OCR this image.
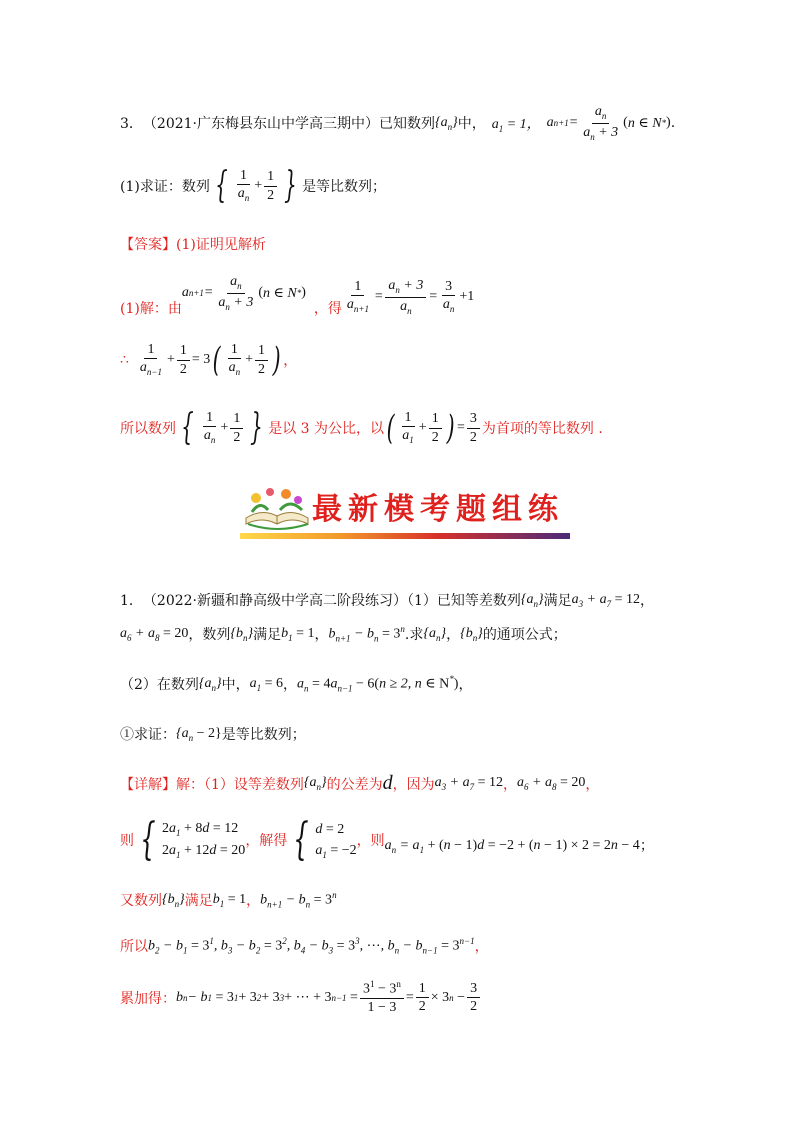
3． （2021·广东梅县东山中学高三期中）已知数列 $\{a_n\}$ 中， $a_1 = 1$， a $n+1 = \frac{a_n}{a_n + 3}$ ( n ∈ N * ) .
(1)求证：数列 { $\frac{1}{a_n} + \frac{1}{2}$ } 是等比数列；
【答案】 (1)证明见解析
(1)解：由
a $n+1 = \frac{a_n}{a_n + 3}$ ( n ∈ N * )
，得 $\frac{1}{a_{n+1}} = \frac{a_n + 3}{a_n} = \frac{3}{a_n} +1$
∴ $\frac{1}{a_{n-1}} + \frac{1}{2} = 3$ ( $\frac{1}{a_n} + \frac{1}{2}$ ) ，
所以数列 { $\frac{1}{a_n} + \frac{1}{2}$ } 是以 3 为公比，以 ( $\frac{1}{a_1} + \frac{1}{2}$ ) = $\frac{3}{2}$ 为首项的等比数列 .
最新模考题组练
1． （2022·新疆和静高级中学高二阶段练习）（1）已知等差数列 $\{a_n\}$ 满足 $a_3 + a_7 = 12$ ，
$a_6 + a_8 = 20$ ，数列 $\{b_n\}$ 满足 $b_1 = 1$ ， $b_{n+1} - b_n = 3^n$ .求 $\{a_n\}$ ， $\{b_n\}$ 的通项公式；
（2）在数列 $\{a_n\}$ 中， $a_1 = 6$ ， $a_n = 4a_{n-1} - 6(n \ge 2$, n ∈ N*) ，
①求证： $\{a_n - 2\}$ 是等比数列；
【详解】 解：（1）设等差数列 $\{a_n\}$ 的公差为 d ，因为 $a_3 + a_7 = 12$ ， $a_6 + a_8 = 20$ ，
则 { $2a_1 + 8d = 12$
$2a_1 + 12d = 20$
，解得 { d = 2
$a_1 = -2$
，则 $a_n = a_1 + (n - 1)d = -2 + (n - 1) \times 2 = 2n - 4$ ；
又数列 $\{b_n\}$ 满足 $b_1 = 1$ ， $b_{n+1} - b_n = 3^n$
所以 $b_2 - b_1 = 3^1$, $b_3 - b_2 = 3^2$, $b_4 - b_3 = 3^3$, ⋯, $b_n - b_{n-1} = 3^{n-1}$ ，
累加得： b n − b 1 = 3 1 + 3 2 + 3 3 + ⋯ + 3 $n-1 = \frac{3^1 - 3^n}{1 - 3} = \frac{1}{2} \times 3$ $n - \frac{3}{2}$
